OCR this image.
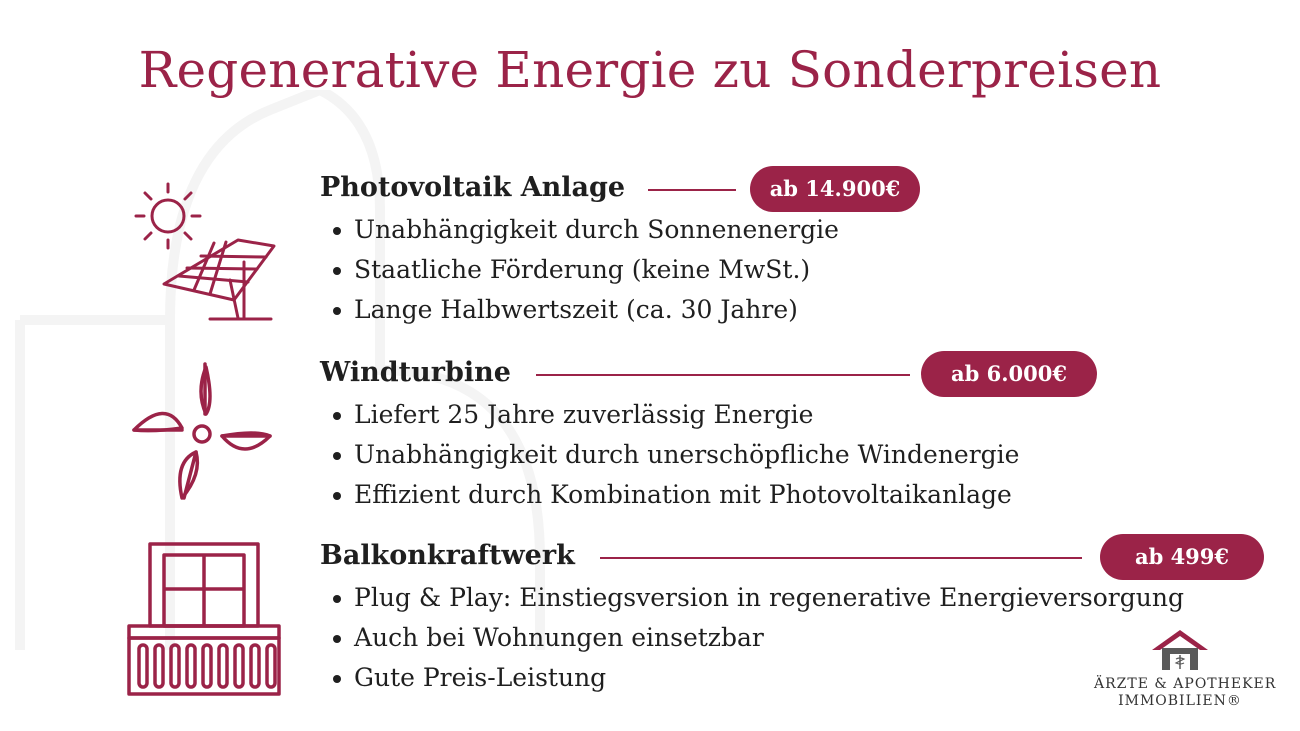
Regenerative Energie zu Sonderpreisen
Photovoltaik Anlage	ab 14.900€
Unabhängigkeit durch Sonnenenergie
Staatliche Förderung (keine MwSt.)
Lange Halbwertszeit (ca. 30 Jahre)
Windturbine	ab 6.000€
Liefert 25 Jahre zuverlässig Energie
Unabhängigkeit durch unerschöpfliche Windenergie
Effizient durch Kombination mit Photovoltaikanlage
Balkonkraftwerk	ab 499€
Plug & Play: Einstiegsversion in regenerative Energieversorgung
Auch bei Wohnungen einsetzbar
Gute Preis-Leistung	ÄRZTE & APOTHEKER
IMMOBILIEN®
